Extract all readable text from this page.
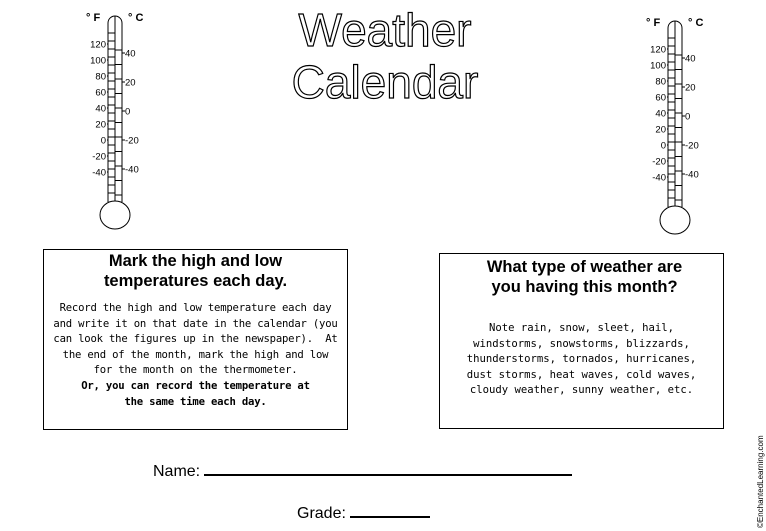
° F	° C
120
100
80
60
40
20
0
-20
-40
40
20
0
-20
-40
° F	° C
120
100
80
60
40
20
0
-20
-40
40
20
0
-20
-40
Weather
Calendar
Mark the high and low
temperatures each day.
Record the high and low temperature each day
and write it on that date in the calendar (you
can look the figures up in the newspaper).  At
the end of the month, mark the high and low
for the month on the thermometer.
Or, you can record the temperature at
the same time each day.
What type of weather are
you having this month?
Note rain, snow, sleet, hail,
windstorms, snowstorms, blizzards,
thunderstorms, tornados, hurricanes,
dust storms, heat waves, cold waves,
cloudy weather, sunny weather, etc.
Name:
Grade:	©EnchantedLearning.com
